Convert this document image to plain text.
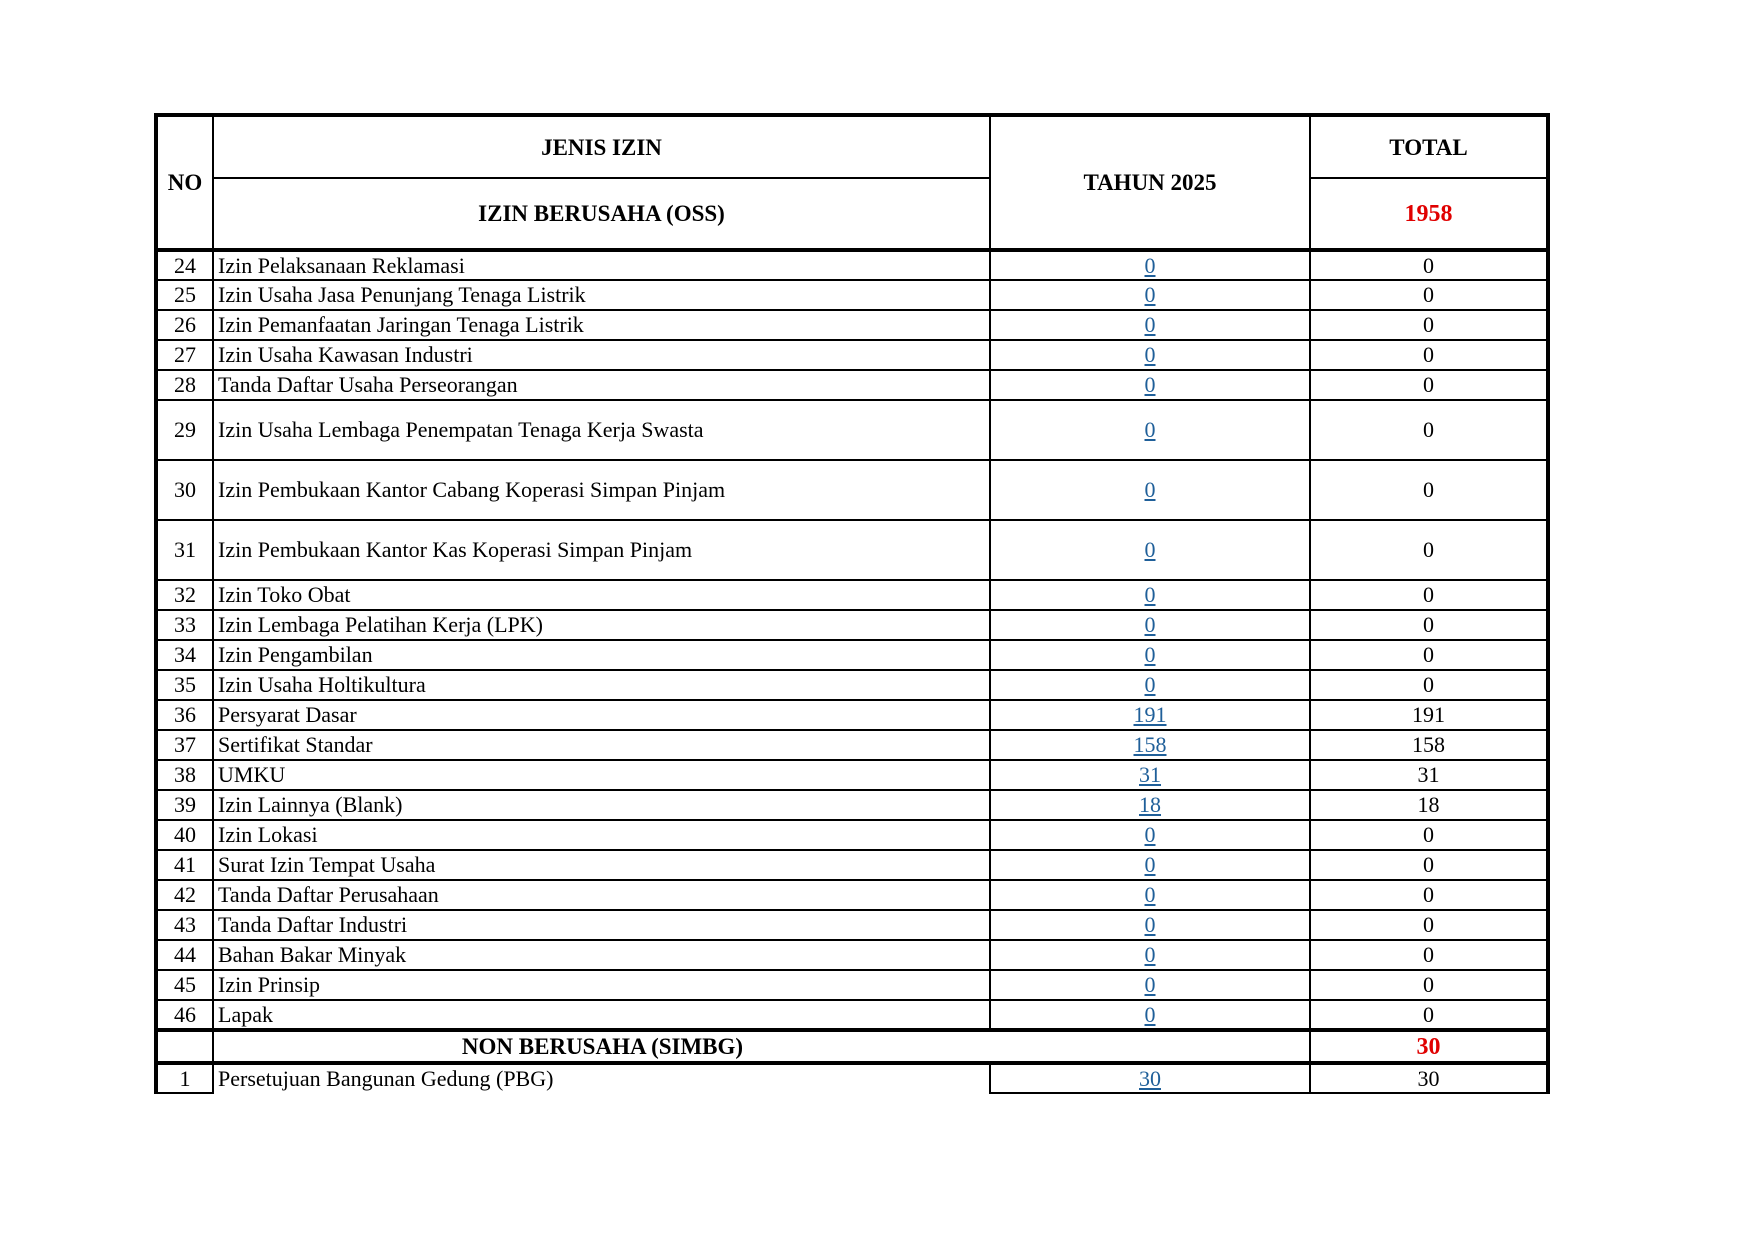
NO	JENIS IZIN	TAHUN 2025	TOTAL
	IZIN BERUSAHA (OSS)		1958
24	Izin Pelaksanaan Reklamasi	0	0
25	Izin Usaha Jasa Penunjang Tenaga Listrik	0	0
26	Izin Pemanfaatan Jaringan Tenaga Listrik	0	0
27	Izin Usaha Kawasan Industri	0	0
28	Tanda Daftar Usaha Perseorangan	0	0
29	Izin Usaha Lembaga Penempatan Tenaga Kerja Swasta	0	0
30	Izin Pembukaan Kantor Cabang Koperasi Simpan Pinjam	0	0
31	Izin Pembukaan Kantor Kas Koperasi Simpan Pinjam	0	0
32	Izin Toko Obat	0	0
33	Izin Lembaga Pelatihan Kerja (LPK)	0	0
34	Izin Pengambilan	0	0
35	Izin Usaha Holtikultura	0	0
36	Persyarat Dasar	191	191
37	Sertifikat Standar	158	158
38	UMKU	31	31
39	Izin Lainnya (Blank)	18	18
40	Izin Lokasi	0	0
41	Surat Izin Tempat Usaha	0	0
42	Tanda Daftar Perusahaan	0	0
43	Tanda Daftar Industri	0	0
44	Bahan Bakar Minyak	0	0
45	Izin Prinsip	0	0
46	Lapak	0	0
	NON BERUSAHA (SIMBG)		30
1	Persetujuan Bangunan Gedung (PBG)	30	30
